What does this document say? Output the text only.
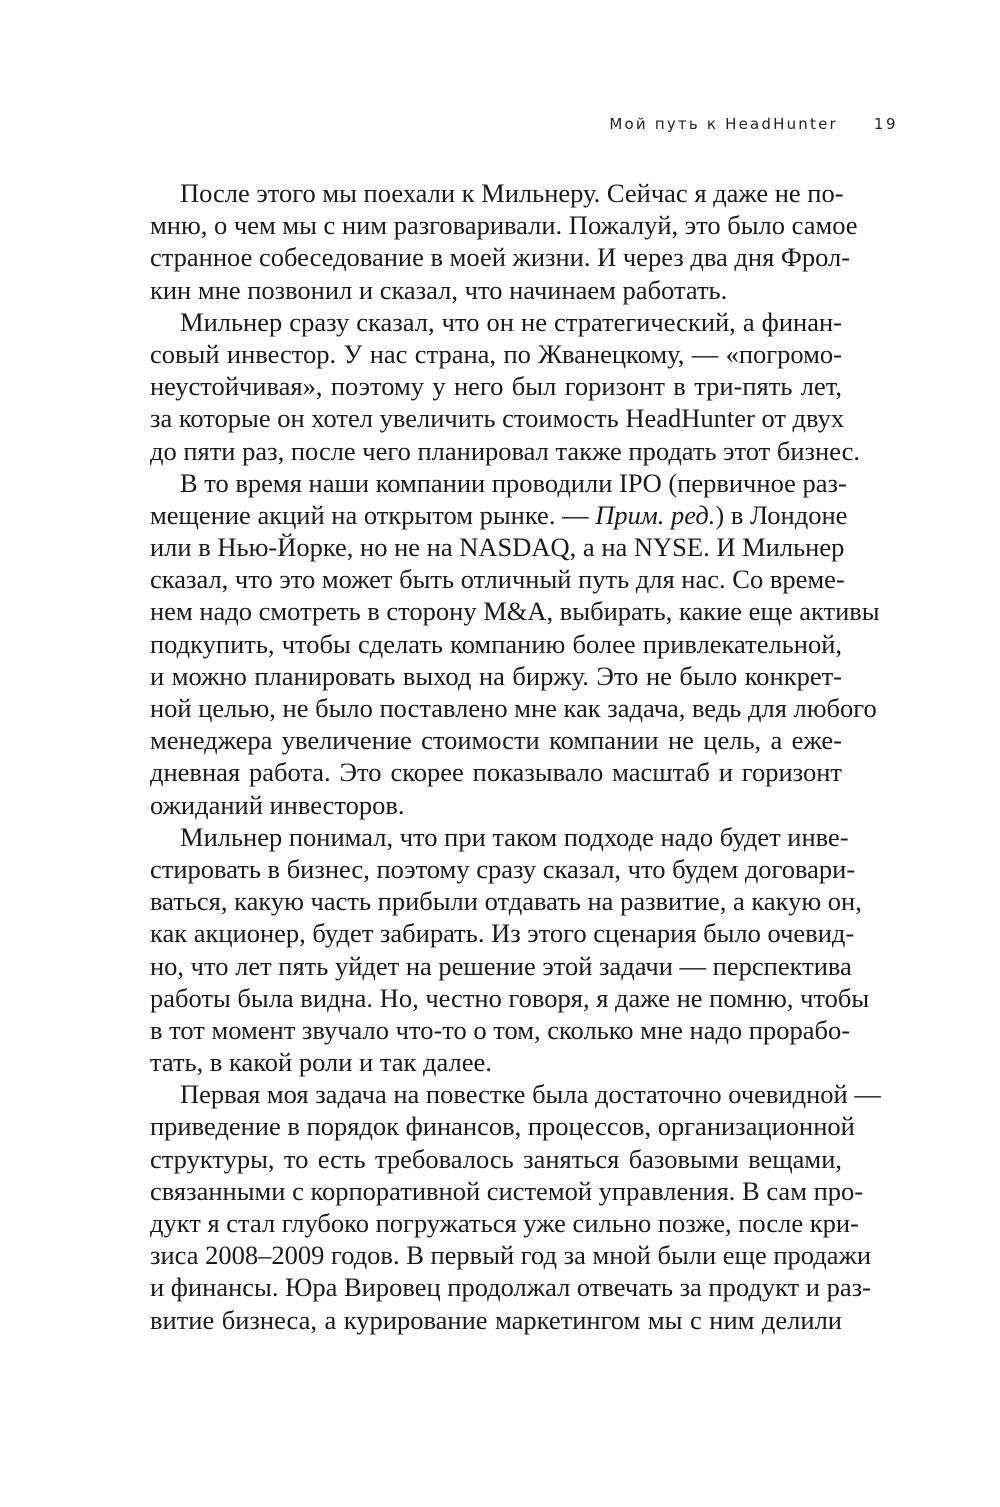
Мой путь к HeadHunter 19
После этого мы поехали к Мильнеру. Сейчас я даже не по-
мню, о чем мы с ним разговаривали. Пожалуй, это было самое
странное собеседование в моей жизни. И через два дня Фрол-
кин мне позвонил и сказал, что начинаем работать.
Мильнер сразу сказал, что он не стратегический, а финан-
совый инвестор. У нас страна, по Жванецкому, — «погромо-
неустойчивая», поэтому у него был горизонт в три-пять лет,
за которые он хотел увеличить стоимость HeadHunter от двух
до пяти раз, после чего планировал также продать этот бизнес.
В то время наши компании проводили IPO (первичное раз-
мещение акций на открытом рынке. — Прим. ред.) в Лондоне
или в Нью-Йорке, но не на NASDAQ, а на NYSE. И Мильнер
сказал, что это может быть отличный путь для нас. Со време-
нем надо смотреть в сторону M&A, выбирать, какие еще активы
подкупить, чтобы сделать компанию более привлекательной,
и можно планировать выход на биржу. Это не было конкрет-
ной целью, не было поставлено мне как задача, ведь для любого
менеджера увеличение стоимости компании не цель, а еже-
дневная работа. Это скорее показывало масштаб и горизонт
ожиданий инвесторов.
Мильнер понимал, что при таком подходе надо будет инве-
стировать в бизнес, поэтому сразу сказал, что будем договари-
ваться, какую часть прибыли отдавать на развитие, а какую он,
как акционер, будет забирать. Из этого сценария было очевид-
но, что лет пять уйдет на решение этой задачи — перспектива
работы была видна. Но, честно говоря, я даже не помню, чтобы
в тот момент звучало что-то о том, сколько мне надо прорабо-
тать, в какой роли и так далее.
Первая моя задача на повестке была достаточно очевидной —
приведение в порядок финансов, процессов, организационной
структуры, то есть требовалось заняться базовыми вещами,
связанными с корпоративной системой управления. В сам про-
дукт я стал глубоко погружаться уже сильно позже, после кри-
зиса 2008–2009 годов. В первый год за мной были еще продажи
и финансы. Юра Вировец продолжал отвечать за продукт и раз-
витие бизнеса, а курирование маркетингом мы с ним делили
